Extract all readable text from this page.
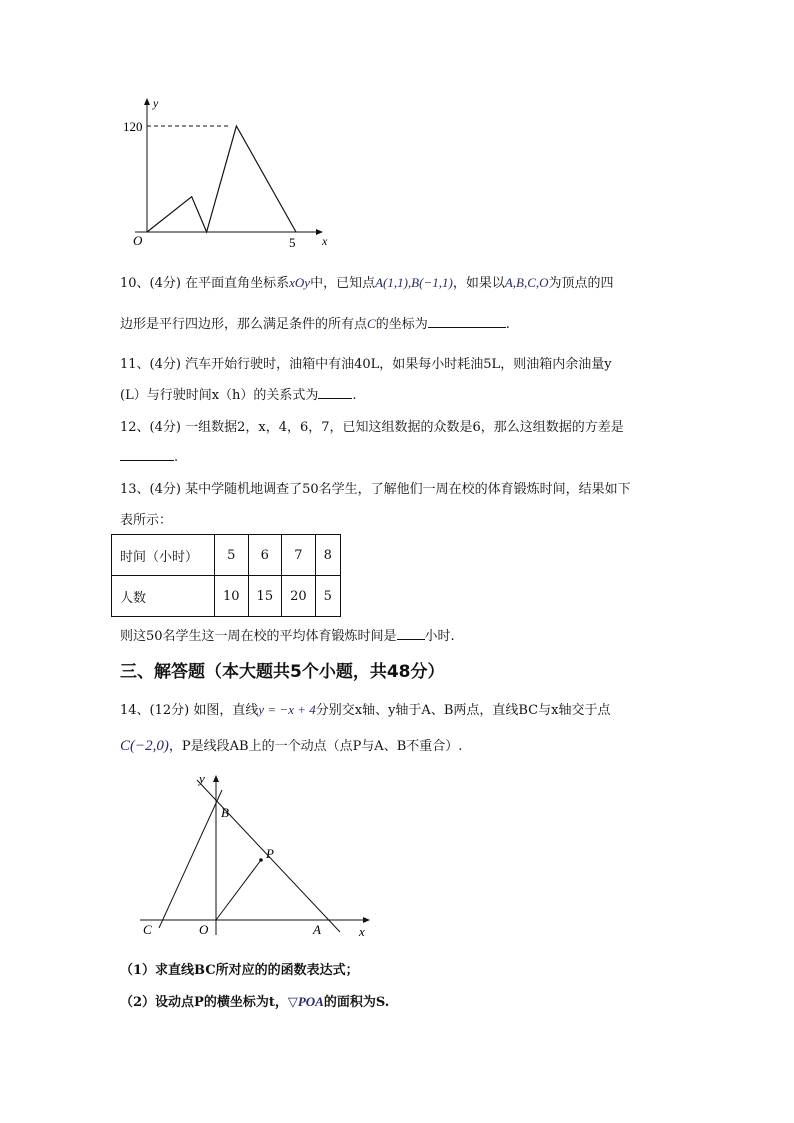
y
x
120
5
O
10、(4分) 在平面直角坐标系xOy中，已知点A(1,1),B(−1,1)，如果以A,B,C,O为顶点的四
边形是平行四边形，那么满足条件的所有点C的坐标为	.
11、(4分) 汽车开始行驶时，油箱中有油40L，如果每小时耗油5L，则油箱内余油量y
(L）与行驶时间x（h）的关系式为	.
12、(4分) 一组数据2，x，4，6，7，已知这组数据的众数是6，那么这组数据的方差是
.
13、(4分) 某中学随机地调查了50名学生，了解他们一周在校的体育锻炼时间，结果如下
表所示：
时间（小时）	5	6	7	8
人数	10	15	20	5
则这50名学生这一周在校的平均体育锻炼时间是 小时.
三、解答题（本大题共5个小题，共48分）
14、(12分) 如图，直线y = −x + 4分别交x轴、y轴于A、B两点，直线BC与x轴交于点
C(−2,0)，P是线段AB上的一个动点（点P与A、B不重合）.
y
x
B
P
C	O	A
（1）求直线BC所对应的的函数表达式；
（2）设动点P的横坐标为t，▽POA的面积为S.
